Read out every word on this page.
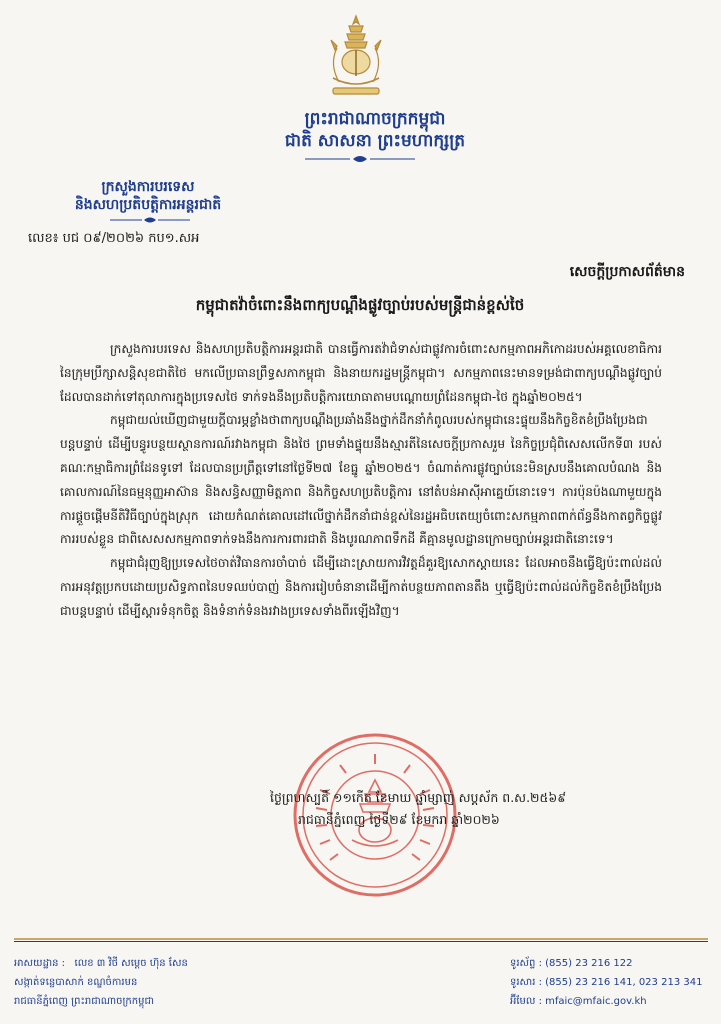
ព្រះរាជាណាចក្រកម្ពុជា
ជាតិ សាសនា ព្រះមហាក្សត្រ
ក្រសួងការបរទេស
និងសហប្រតិបត្តិការអន្តរជាតិ
លេខ៖ បជ ០៩/២០២៦ កប១.សអ
សេចក្តីប្រកាសព័ត៌មាន
កម្ពុជាតវ៉ាចំពោះនឹងពាក្យបណ្តឹងផ្លូវច្បាប់របស់មន្ត្រីជាន់ខ្ពស់ថៃ

ក្រសួងការបរទេស និងសហប្រតិបត្តិការអន្តរជាតិ បានធ្វើការតវ៉ាជំទាស់ជាផ្លូវការចំពោះសកម្មភាពអភិកោដរបស់អគ្គលេខាធិការនៃក្រុមប្រឹក្សាសន្តិសុខជាតិថៃ មកលើប្រធានព្រឹទ្ធសភាកម្ពុជា និងនាយករដ្ឋមន្ត្រីកម្ពុជា។ សកម្មភាពនេះមានទម្រង់ជាពាក្យបណ្តឹងផ្លូវច្បាប់ ដែលបានដាក់ទៅតុលាការក្នុងប្រទេសថៃ ទាក់ទងនឹងប្រតិបត្តិការយោធាតាមបណ្តោយព្រំដែនកម្ពុជា-ថៃ ក្នុងឆ្នាំ២០២៥។

កម្ពុជាយល់ឃើញជាមួយក្តីបារម្ភខ្លាំងថាពាក្យបណ្តឹងប្រឆាំងនឹងថ្នាក់ដឹកនាំកំពូលរបស់កម្ពុជានេះផ្ទុយនឹងកិច្ចខិតខំប្រឹងប្រែងជាបន្តបន្ទាប់ ដើម្បីបន្ធូរបន្ថយស្ថានការណ៍រវាងកម្ពុជា និងថៃ ព្រមទាំងផ្ទុយនឹងស្មារតីនៃសេចក្តីប្រកាសរួម នៃកិច្ចប្រជុំពិសេសលើកទី៣ របស់គណៈកម្មាធិការព្រំដែនទូទៅ ដែលបានប្រព្រឹត្តទៅនៅថ្ងៃទី២៧ ខែធ្នូ ឆ្នាំ២០២៥។ ចំណាត់ការផ្លូវច្បាប់នេះមិនស្របនឹងគោលបំណង និងគោលការណ៍នៃធម្មនុញ្ញអាស៊ាន និងសន្ធិសញ្ញាមិត្តភាព និងកិច្ចសហប្រតិបត្តិការ នៅតំបន់អាស៊ីអាគ្នេយ៍នោះទេ។ ការប៉ុនប៉ងណាមួយក្នុងការផ្តួចផ្តើមនីតិវិធីច្បាប់ក្នុងស្រុក ដោយកំណត់គោលដៅលើថ្នាក់ដឹកនាំជាន់ខ្ពស់នៃរដ្ឋអធិបតេយ្យចំពោះសកម្មភាពពាក់ព័ន្ធនឹងកាតព្វកិច្ចផ្លូវការរបស់ខ្លួន ជាពិសេសសកម្មភាពទាក់ទងនឹងការការពារជាតិ និងបូរណភាពទឹកដី គឺគ្មានមូលដ្ឋានក្រោមច្បាប់អន្តរជាតិនោះទេ។

កម្ពុជាជំរុញឱ្យប្រទេសថៃចាត់វិធានការចាំបាច់ ដើម្បីដោះស្រាយការវិវត្តដ៏គួរឱ្យសោកស្តាយនេះ ដែលអាចនឹងធ្វើឱ្យប៉ះពាល់ដល់ការអនុវត្តប្រកបដោយប្រសិទ្ធភាពនៃបទឈប់បាញ់ និងការរៀបចំនានាដើម្បីកាត់បន្ថយភាពតានតឹង ឬធ្វើឱ្យប៉ះពាល់ដល់កិច្ចខិតខំប្រឹងប្រែងជាបន្តបន្ទាប់ ដើម្បីស្តារទំនុកចិត្ត និងទំនាក់ទំនងរវាងប្រទេសទាំងពីរឡើងវិញ។

ថ្ងៃព្រហស្បតិ៍ ១១កើត ខែមាឃ ឆ្នាំម្សាញ់ សប្តស័ក ព.ស.២៥៦៩
រាជធានីភ្នំពេញ ថ្ងៃទី២៩ ខែមករា ឆ្នាំ២០២៦
អាសយដ្ឋាន : លេខ ៣ វិថី សម្តេច ហ៊ុន សែន
សង្កាត់ទន្លេបាសាក់ ខណ្ឌចំការមន
រាជធានីភ្នំពេញ ព្រះរាជាណាចក្រកម្ពុជា
ទូរស័ព្ទ : (855) 23 216 122
ទូរសារ : (855) 23 216 141, 023 213 341
អ៊ីមែល : mfaic@mfaic.gov.kh
